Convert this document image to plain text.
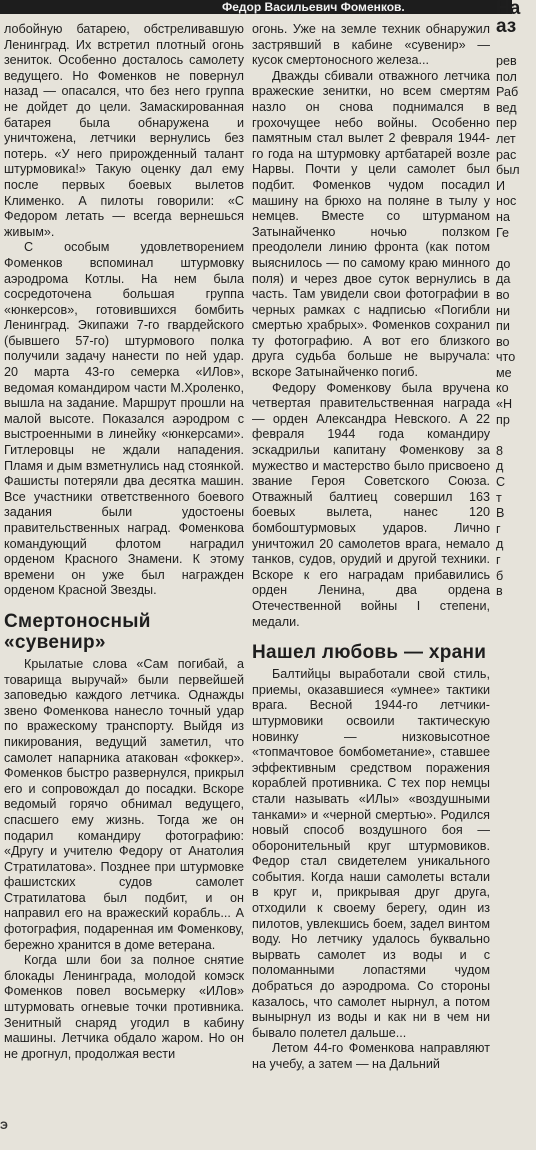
Федор Васильевич Фоменков.

лобойную батарею, обстреливавшую Ленинград. Их встретил плотный огонь зениток. Особенно досталось самолету ведущего. Но Фоменков не повернул назад — опасался, что без него группа не дойдет до цели. Замаскированная батарея была обнаружена и уничтожена, летчики вернулись без потерь. «У него прирожденный талант штурмовика!» Такую оценку дал ему после первых боевых вылетов Клименко. А пилоты говорили: «С Федором летать — всегда вернешься живым».

С особым удовлетворением Фоменков вспоминал штурмовку аэродрома Котлы. На нем была сосредоточена большая группа «юнкерсов», готовившихся бомбить Ленинград. Экипажи 7-го гвардейского (бывшего 57-го) штурмового полка получили задачу нанести по ней удар. 20 марта 43-го семерка «ИЛов», ведомая командиром части М.Хроленко, вышла на задание. Маршрут прошли на малой высоте. Показался аэродром с выстроенными в линейку «юнкерсами». Гитлеровцы не ждали нападения. Пламя и дым взметнулись над стоянкой. Фашисты потеряли два десятка машин. Все участники ответственного боевого задания были удостоены правительственных наград. Фоменкова командующий флотом наградил орденом Красного Знамени. К этому времени он уже был награжден орденом Красной Звезды.

Смертоносный «сувенир»

Крылатые слова «Сам погибай, а товарища выручай» были первейшей заповедью каждого летчика. Однажды звено Фоменкова нанесло точный удар по вражескому транспорту. Выйдя из пикирования, ведущий заметил, что самолет напарника атакован «фоккер». Фоменков быстро развернулся, прикрыл его и сопровождал до посадки. Вскоре ведомый горячо обнимал ведущего, спасшего ему жизнь. Тогда же он подарил командиру фотографию: «Другу и учителю Федору от Анатолия Стратилатова». Позднее при штурмовке фашистских судов самолет Стратилатова был подбит, и он направил его на вражеский корабль... А фотография, подаренная им Фоменкову, бережно хранится в доме ветерана.

Когда шли бои за полное снятие блокады Ленинграда, молодой комэск Фоменков повел восьмерку «ИЛов» штурмовать огневые точки противника. Зенитный снаряд угодил в кабину машины. Летчика обдало жаром. Но он не дрогнул, продолжая вести

огонь. Уже на земле техник обнаружил застрявший в кабине «сувенир» — кусок смертоносного железа...

Дважды сбивали отважного летчика вражеские зенитки, но всем смертям назло он снова поднимался в грохочущее небо войны. Особенно памятным стал вылет 2 февраля 1944-го года на штурмовку артбатарей возле Нарвы. Почти у цели самолет был подбит. Фоменков чудом посадил машину на брюхо на поляне в тылу у немцев. Вместе со штурманом Затынайченко ночью ползком преодолели линию фронта (как потом выяснилось — по самому краю минного поля) и через двое суток вернулись в часть. Там увидели свои фотографии в черных рамках с надписью «Погибли смертью храбрых». Фоменков сохранил ту фотографию. А вот его близкого друга судьба больше не выручала: вскоре Затынайченко погиб.

Федору Фоменкову была вручена четвертая правительственная награда — орден Александра Невского. А 22 февраля 1944 года командиру эскадрильи капитану Фоменкову за мужество и мастерство было присвоено звание Героя Советского Союза. Отважный балтиец совершил 163 боевых вылета, нанес 120 бомбоштурмовых ударов. Лично уничтожил 20 самолетов врага, немало танков, судов, орудий и другой техники. Вскоре к его наградам прибавились орден Ленина, два ордена Отечественной войны I степени, медали.

Нашел любовь — храни

Балтийцы выработали свой стиль, приемы, оказавшиеся «умнее» тактики врага. Весной 1944-го летчики-штурмовики освоили тактическую новинку — низковысотное «топмачтовое бомбометание», ставшее эффективным средством поражения кораблей противника. С тех пор немцы стали называть «ИЛы» «воздушными танками» и «черной смертью». Родился новый способ воздушного боя — оборонительный круг штурмовиков. Федор стал свидетелем уникального события. Когда наши самолеты встали в круг и, прикрывая друг друга, отходили к своему берегу, один из пилотов, увлекшись боем, задел винтом воду. Но летчику удалось буквально вырвать самолет из воды и с поломанными лопастями чудом добраться до аэродрома. Со стороны казалось, что самолет нырнул, а потом вынырнул из воды и как ни в чем ни бывало полетел дальше...

Летом 44-го Фоменкова направляют на учебу, а затем — на Дальний

На аз
рев
пол
Раб
вед
пер
лет
рас
был
И
нос
на
Ге

до
да
во
ни
пи
во
что
ме
ко
«Н
пр

8
д
С
т
В
г
д
г
б
в
Э
